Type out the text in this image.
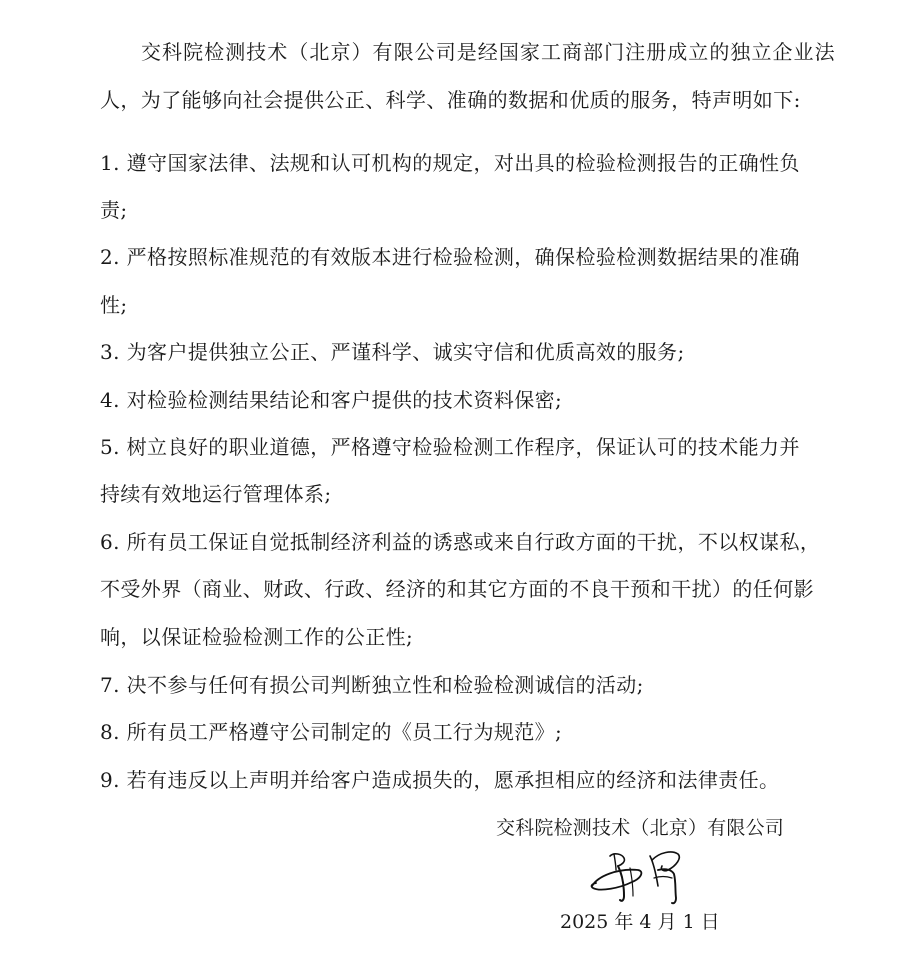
交科院检测技术（北京）有限公司是经国家工商部门注册成立的独立企业法
人，为了能够向社会提供公正、科学、准确的数据和优质的服务，特声明如下:
1. 遵守国家法律、法规和认可机构的规定，对出具的检验检测报告的正确性负
责;
2. 严格按照标准规范的有效版本进行检验检测，确保检验检测数据结果的准确
性;
3. 为客户提供独立公正、严谨科学、诚实守信和优质高效的服务;
4. 对检验检测结果结论和客户提供的技术资料保密;
5. 树立良好的职业道德，严格遵守检验检测工作程序，保证认可的技术能力并
持续有效地运行管理体系;
6. 所有员工保证自觉抵制经济利益的诱惑或来自行政方面的干扰，不以权谋私，
不受外界（商业、财政、行政、经济的和其它方面的不良干预和干扰）的任何影
响，以保证检验检测工作的公正性;
7. 决不参与任何有损公司判断独立性和检验检测诚信的活动;
8. 所有员工严格遵守公司制定的《员工行为规范》;
9. 若有违反以上声明并给客户造成损失的，愿承担相应的经济和法律责任。
交科院检测技术（北京）有限公司
2025 年 4 月 1 日
